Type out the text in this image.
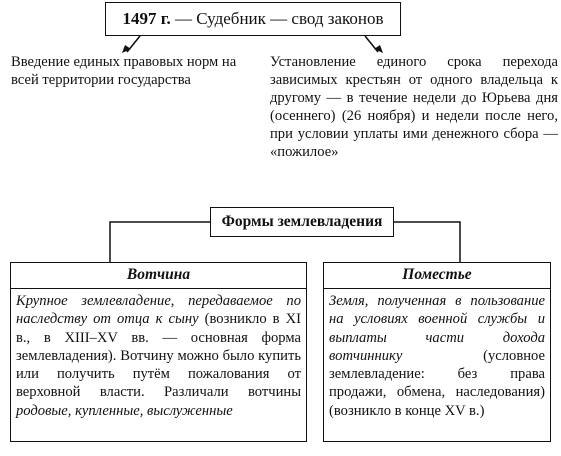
1497 г. — Судебник — свод законов
Введение единых правовых норм на всей территории государства
Установление единого срока перехода зависимых крестьян от одного владельца к другому — в течение недели до Юрьева дня (осеннего) (26 ноября) и недели после него, при условии уплаты ими денежного сбора — «пожилое»
Формы землевладения
Вотчина
Крупное землевладение, передаваемое по наследству от отца к сыну (возникло в XI в., в XIII–XV вв. — основная форма землевладения). Вотчину можно было купить или получить путём пожалования от верховной власти. Различали вотчины родовые, купленные, выслуженные
Поместье
Земля, полученная в пользование на условиях военной службы и выплаты части дохода вотчиннику (условное землевладение: без права продажи, обмена, наследования) (возникло в конце XV в.)
